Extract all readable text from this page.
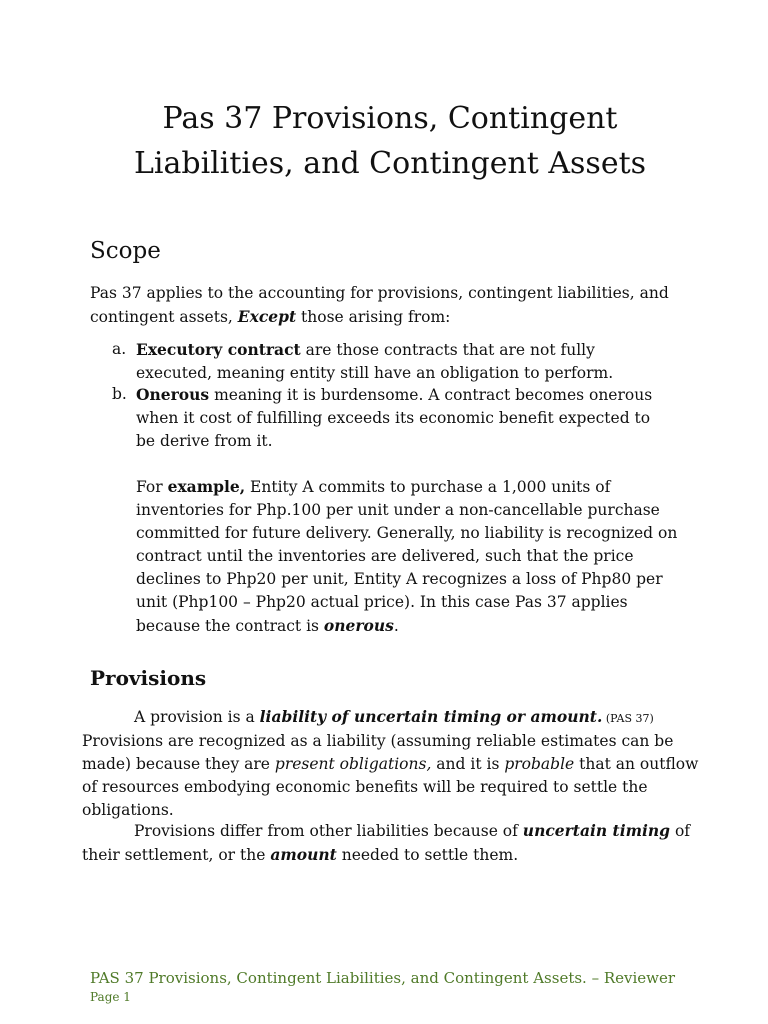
Pas 37 Provisions, Contingent Liabilities, and Contingent Assets
Scope

Pas 37 applies to the accounting for provisions, contingent liabilities, and contingent assets, Except those arising from:

a. Executory contract are those contracts that are not fully executed, meaning entity still have an obligation to perform.
b. Onerous meaning it is burdensome. A contract becomes onerous when it cost of fulfilling exceeds its economic benefit expected to be derive from it.

For example, Entity A commits to purchase a 1,000 units of inventories for Php.100 per unit under a non-cancellable purchase committed for future delivery. Generally, no liability is recognized on contract until the inventories are delivered, such that the price declines to Php20 per unit, Entity A recognizes a loss of Php80 per unit (Php100 – Php20 actual price). In this case Pas 37 applies because the contract is onerous.

Provisions

A provision is a liability of uncertain timing or amount. (PAS 37) Provisions are recognized as a liability (assuming reliable estimates can be made) because they are present obligations, and it is probable that an outflow of resources embodying economic benefits will be required to settle the obligations.

Provisions differ from other liabilities because of uncertain timing of their settlement, or the amount needed to settle them.

PAS 37 Provisions, Contingent Liabilities, and Contingent Assets. – Reviewer
Page 1
